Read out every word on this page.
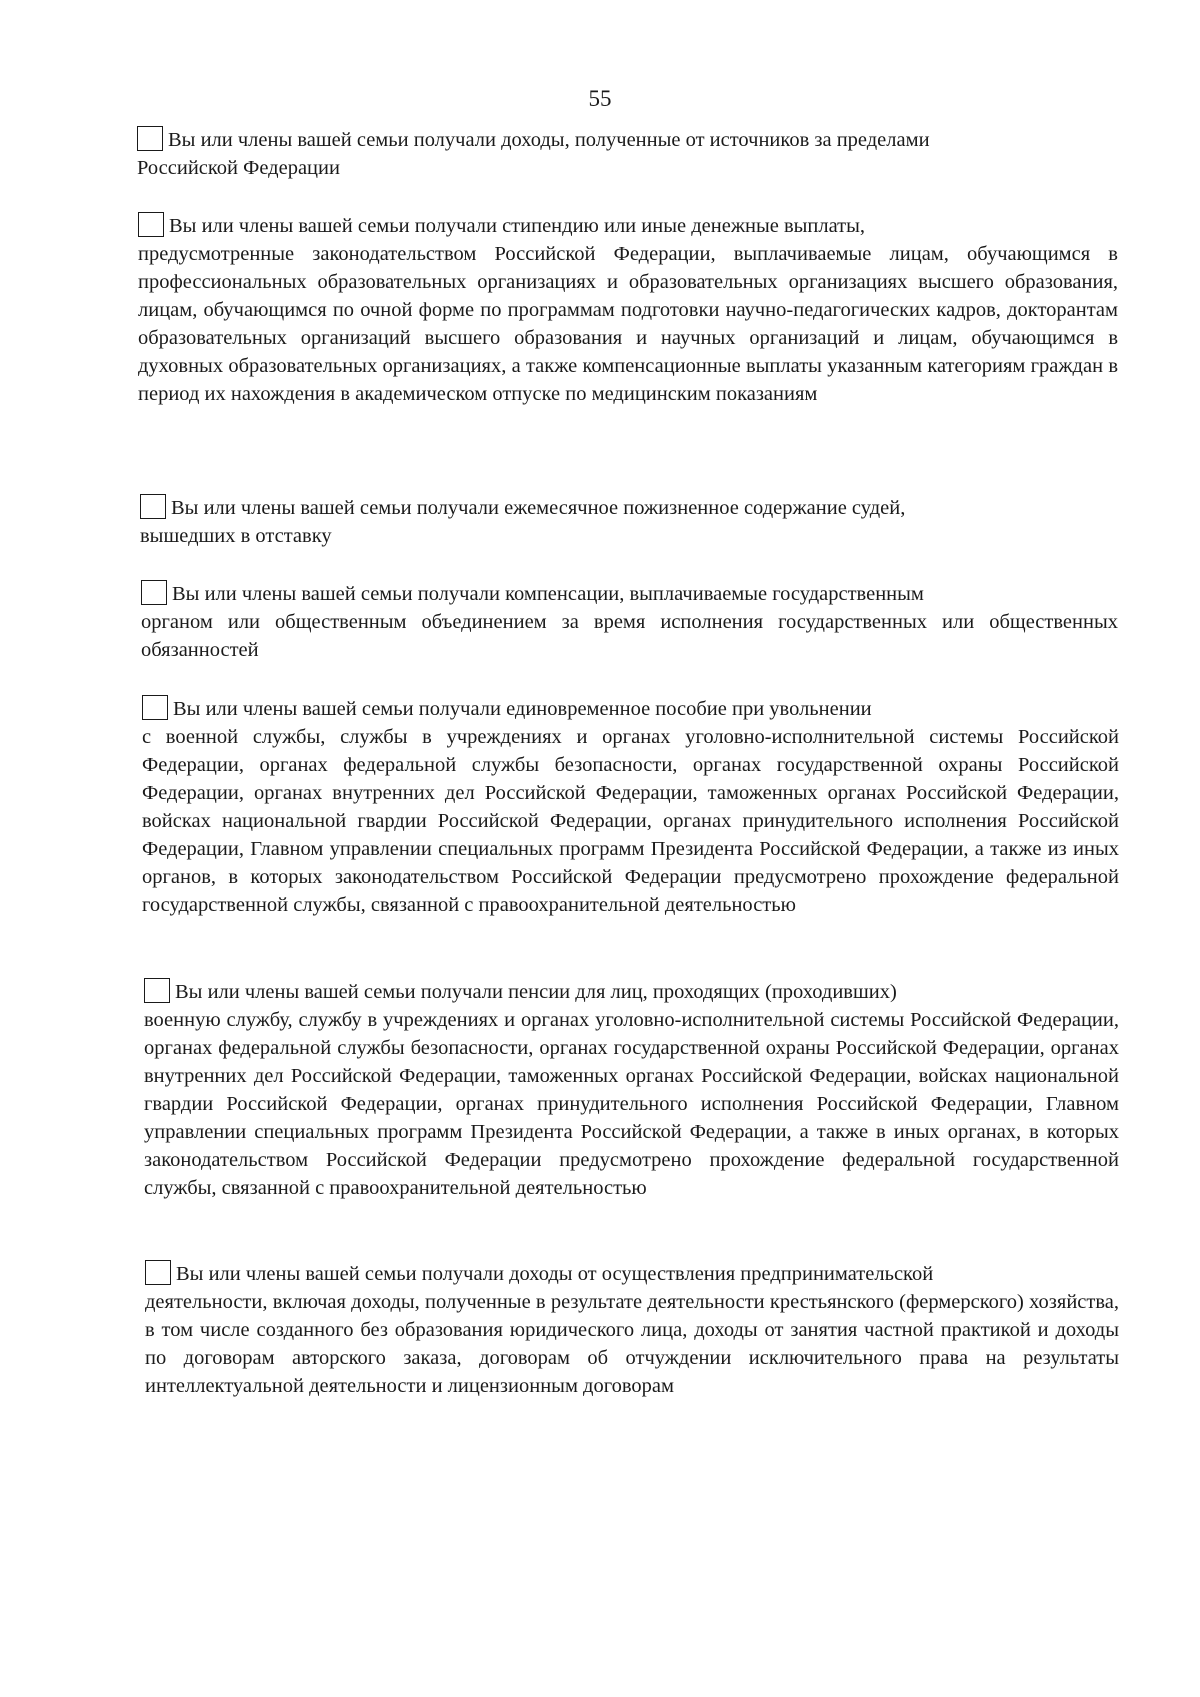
55

Вы или члены вашей семьи получали доходы, полученные от источников за пределами
Российской Федерации

Вы или члены вашей семьи получали стипендию или иные денежные выплаты,
предусмотренные законодательством Российской Федерации, выплачиваемые лицам, обучающимся в профессиональных образовательных организациях и образовательных организациях высшего образования, лицам, обучающимся по очной форме по программам подготовки научно-педагогических кадров, докторантам образовательных организаций высшего образования и научных организаций и лицам, обучающимся в духовных образовательных организациях, а также компенсационные выплаты указанным категориям граждан в период их нахождения в академическом отпуске по медицинским показаниям

Вы или члены вашей семьи получали ежемесячное пожизненное содержание судей,
вышедших в отставку

Вы или члены вашей семьи получали компенсации, выплачиваемые государственным
органом или общественным объединением за время исполнения государственных или общественных обязанностей

Вы или члены вашей семьи получали единовременное пособие при увольнении
с военной службы, службы в учреждениях и органах уголовно-исполнительной системы Российской Федерации, органах федеральной службы безопасности, органах государственной охраны Российской Федерации, органах внутренних дел Российской Федерации, таможенных органах Российской Федерации, войсках национальной гвардии Российской Федерации, органах принудительного исполнения Российской Федерации, Главном управлении специальных программ Президента Российской Федерации, а также из иных органов, в которых законодательством Российской Федерации предусмотрено прохождение федеральной государственной службы, связанной с правоохранительной деятельностью

Вы или члены вашей семьи получали пенсии для лиц, проходящих (проходивших)
военную службу, службу в учреждениях и органах уголовно-исполнительной системы Российской Федерации, органах федеральной службы безопасности, органах государственной охраны Российской Федерации, органах внутренних дел Российской Федерации, таможенных органах Российской Федерации, войсках национальной гвардии Российской Федерации, органах принудительного исполнения Российской Федерации, Главном управлении специальных программ Президента Российской Федерации, а также в иных органах, в которых законодательством Российской Федерации предусмотрено прохождение федеральной государственной службы, связанной с правоохранительной деятельностью

Вы или члены вашей семьи получали доходы от осуществления предпринимательской
деятельности, включая доходы, полученные в результате деятельности крестьянского (фермерского) хозяйства, в том числе созданного без образования юридического лица, доходы от занятия частной практикой и доходы по договорам авторского заказа, договорам об отчуждении исключительного права на результаты интеллектуальной деятельности и лицензионным договорам
